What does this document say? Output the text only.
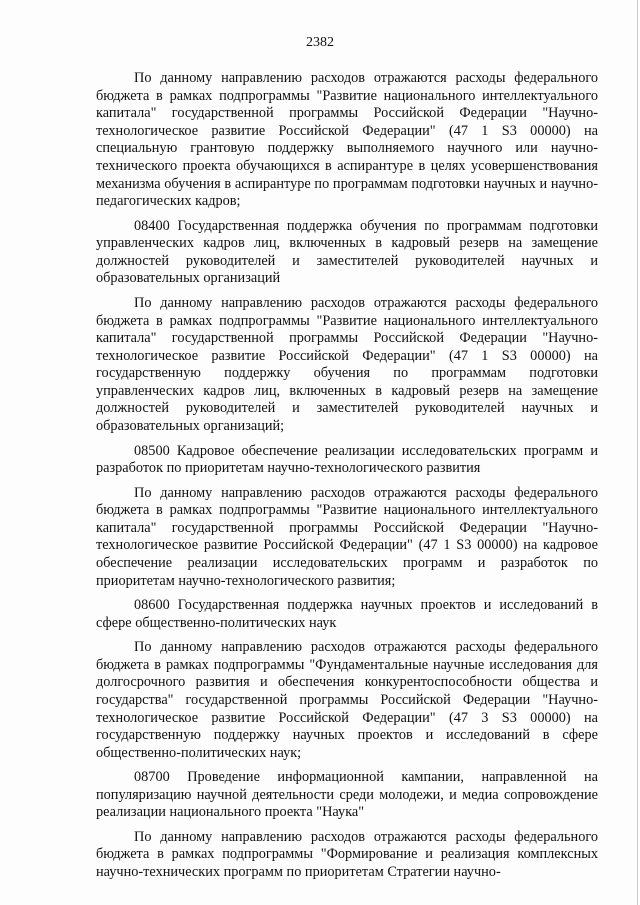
2382

По данному направлению расходов отражаются расходы федерального бюджета в рамках подпрограммы "Развитие национального интеллектуального капитала" государственной программы Российской Федерации "Научно-технологическое развитие Российской Федерации" (47 1 S3 00000) на специальную грантовую поддержку выполняемого научного или научно-технического проекта обучающихся в аспирантуре в целях усовершенствования механизма обучения в аспирантуре по программам подготовки научных и научно-педагогических кадров;

08400 Государственная поддержка обучения по программам подготовки управленческих кадров лиц, включенных в кадровый резерв на замещение должностей руководителей и заместителей руководителей научных и образовательных организаций

По данному направлению расходов отражаются расходы федерального бюджета в рамках подпрограммы "Развитие национального интеллектуального капитала" государственной программы Российской Федерации "Научно-технологическое развитие Российской Федерации" (47 1 S3 00000) на государственную поддержку обучения по программам подготовки управленческих кадров лиц, включенных в кадровый резерв на замещение должностей руководителей и заместителей руководителей научных и образовательных организаций;

08500 Кадровое обеспечение реализации исследовательских программ и разработок по приоритетам научно-технологического развития

По данному направлению расходов отражаются расходы федерального бюджета в рамках подпрограммы "Развитие национального интеллектуального капитала" государственной программы Российской Федерации "Научно-технологическое развитие Российской Федерации" (47 1 S3 00000) на кадровое обеспечение реализации исследовательских программ и разработок по приоритетам научно-технологического развития;

08600 Государственная поддержка научных проектов и исследований в сфере общественно-политических наук

По данному направлению расходов отражаются расходы федерального бюджета в рамках подпрограммы "Фундаментальные научные исследования для долгосрочного развития и обеспечения конкурентоспособности общества и государства" государственной программы Российской Федерации "Научно-технологическое развитие Российской Федерации" (47 3 S3 00000) на государственную поддержку научных проектов и исследований в сфере общественно-политических наук;

08700 Проведение информационной кампании, направленной на популяризацию научной деятельности среди молодежи, и медиа сопровождение реализации национального проекта "Наука"

По данному направлению расходов отражаются расходы федерального бюджета в рамках подпрограммы "Формирование и реализация комплексных научно-технических программ по приоритетам Стратегии научно-
